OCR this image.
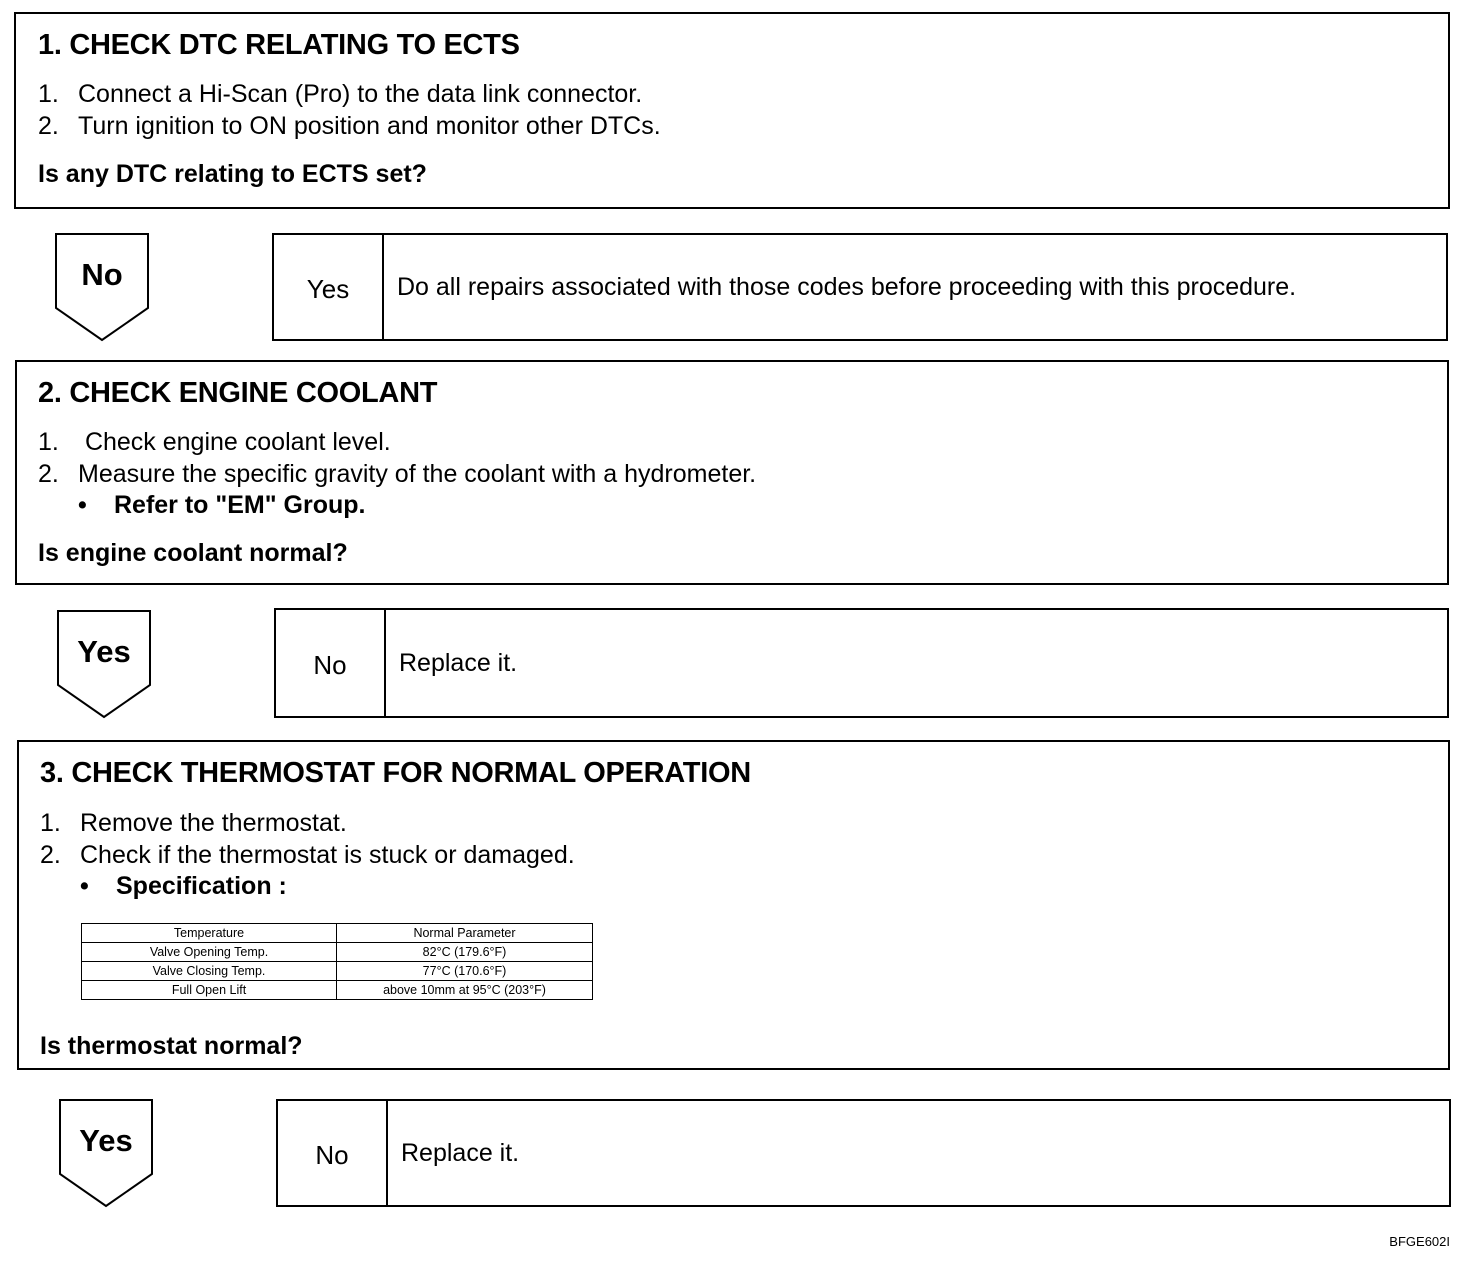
1. CHECK DTC RELATING TO ECTS
1. Connect a Hi-Scan (Pro) to the data link connector.
2. Turn ignition to ON position and monitor other DTCs.
Is any DTC relating to ECTS set?
No	Yes	Do all repairs associated with those codes before proceeding with this procedure.
2. CHECK ENGINE COOLANT
1. Check engine coolant level.
2. Measure the specific gravity of the coolant with a hydrometer.
• Refer to "EM" Group.
Is engine coolant normal?
Yes	No	Replace it.
3. CHECK THERMOSTAT FOR NORMAL OPERATION
1. Remove the thermostat.
2. Check if the thermostat is stuck or damaged.
• Specification :
Temperature	Normal Parameter
Valve Opening Temp.	82°C (179.6°F)
Valve Closing Temp.	77°C (170.6°F)
Full Open Lift	above 10mm at 95°C (203°F)
Is thermostat normal?
Yes	No	Replace it.
BFGE602I
